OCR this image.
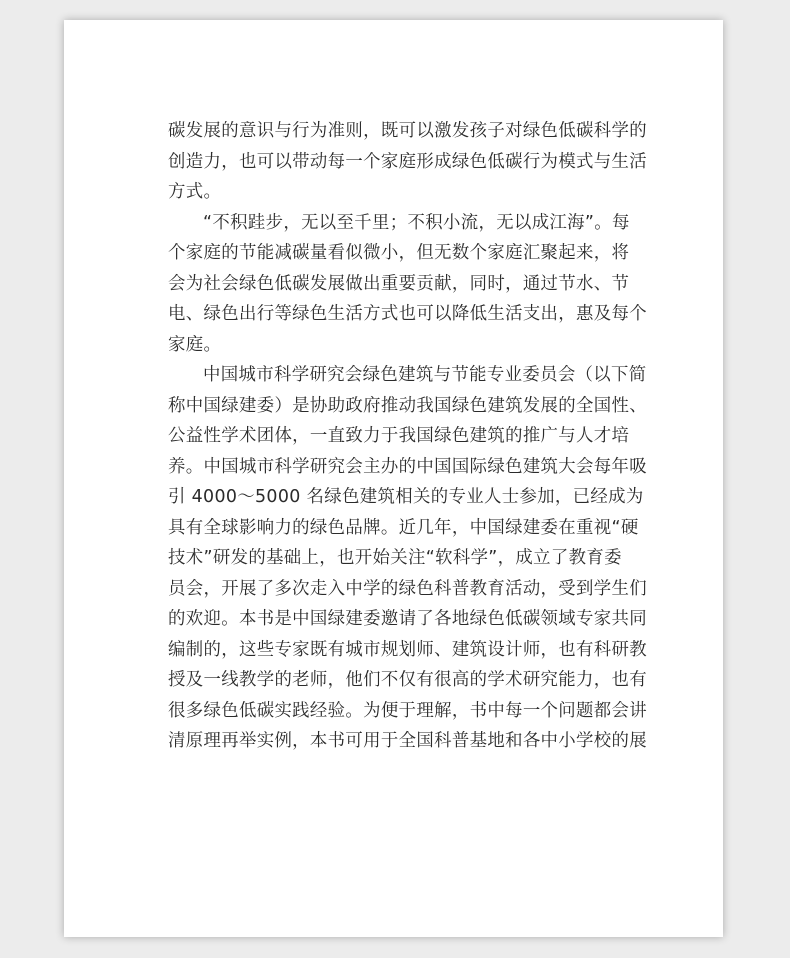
碳发展的意识与行为准则，既可以激发孩子对绿色低碳科学的
创造力，也可以带动每一个家庭形成绿色低碳行为模式与生活
方式。
“不积跬步，无以至千里；不积小流，无以成江海”。每
个家庭的节能减碳量看似微小，但无数个家庭汇聚起来，将
会为社会绿色低碳发展做出重要贡献，同时，通过节水、节
电、绿色出行等绿色生活方式也可以降低生活支出，惠及每个
家庭。
中国城市科学研究会绿色建筑与节能专业委员会（以下简
称中国绿建委）是协助政府推动我国绿色建筑发展的全国性、
公益性学术团体，一直致力于我国绿色建筑的推广与人才培
养。中国城市科学研究会主办的中国国际绿色建筑大会每年吸
引 4000～5000 名绿色建筑相关的专业人士参加，已经成为
具有全球影响力的绿色品牌。近几年，中国绿建委在重视“硬
技术”研发的基础上，也开始关注“软科学”，成立了教育委
员会，开展了多次走入中学的绿色科普教育活动，受到学生们
的欢迎。本书是中国绿建委邀请了各地绿色低碳领域专家共同
编制的，这些专家既有城市规划师、建筑设计师，也有科研教
授及一线教学的老师，他们不仅有很高的学术研究能力，也有
很多绿色低碳实践经验。为便于理解，书中每一个问题都会讲
清原理再举实例，本书可用于全国科普基地和各中小学校的展
